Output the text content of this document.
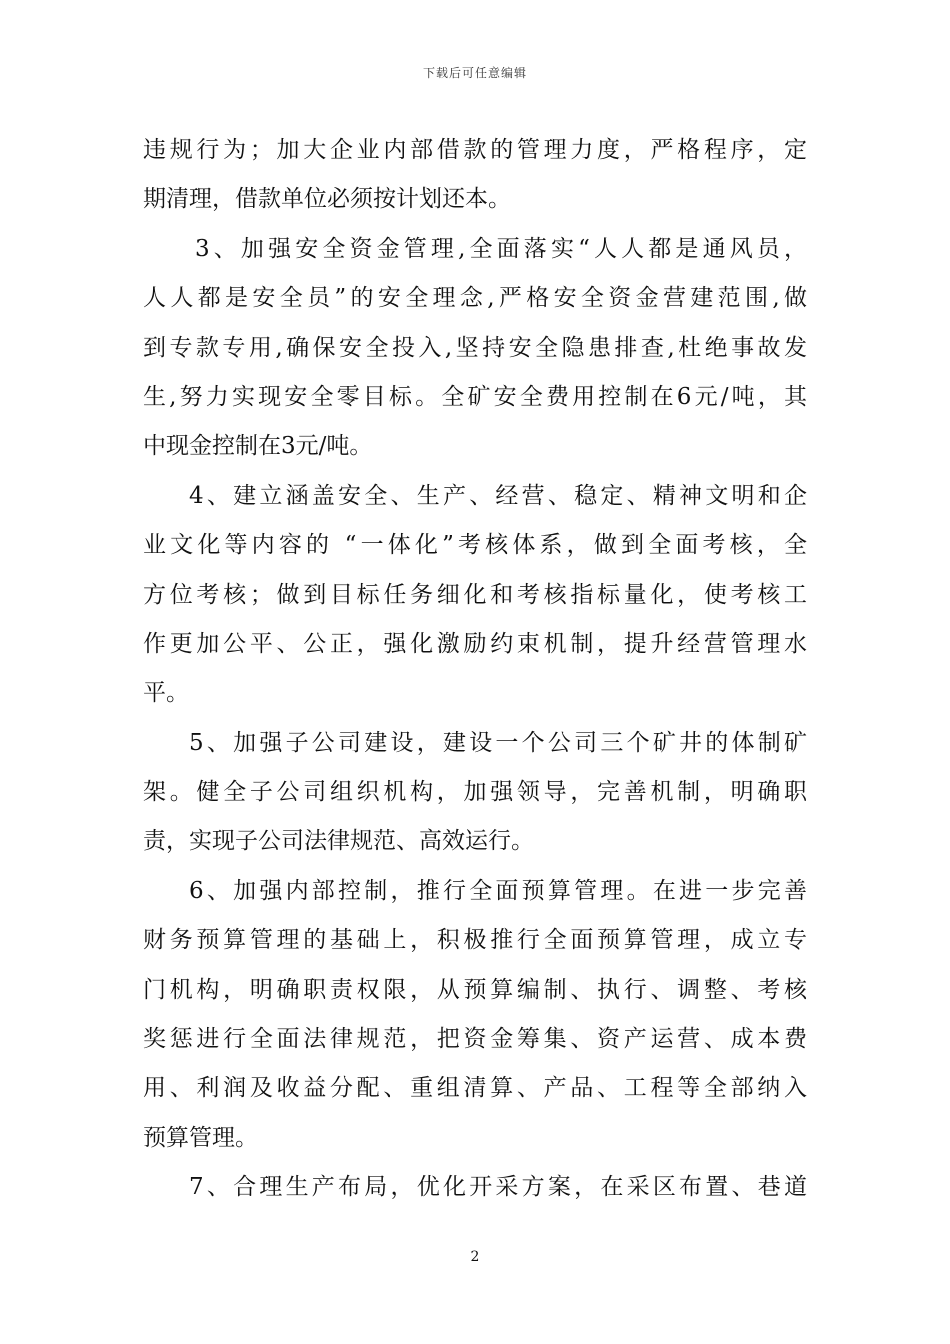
下载后可任意编辑
违规行为；加大企业内部借款的管理力度，严格程序，定
期清理，借款单位必须按计划还本。
3、加强安全资金管理,全面落实“人人都是通风员，
人人都是安全员”的安全理念,严格安全资金营建范围,做
到专款专用,确保安全投入,坚持安全隐患排查,杜绝事故发
生,努力实现安全零目标。全矿安全费用控制在6元/吨，其
中现金控制在3元/吨。
4、建立涵盖安全、生产、经营、稳定、精神文明和企
业文化等内容的 “一体化”考核体系，做到全面考核，全
方位考核；做到目标任务细化和考核指标量化，使考核工
作更加公平、公正，强化激励约束机制，提升经营管理水
平。
5、加强子公司建设，建设一个公司三个矿井的体制矿
架。健全子公司组织机构，加强领导，完善机制，明确职
责，实现子公司法律规范、高效运行。
6、加强内部控制，推行全面预算管理。在进一步完善
财务预算管理的基础上，积极推行全面预算管理，成立专
门机构，明确职责权限，从预算编制、执行、调整、考核
奖惩进行全面法律规范，把资金筹集、资产运营、成本费
用、利润及收益分配、重组清算、产品、工程等全部纳入
预算管理。
7、合理生产布局，优化开采方案，在采区布置、巷道
2
